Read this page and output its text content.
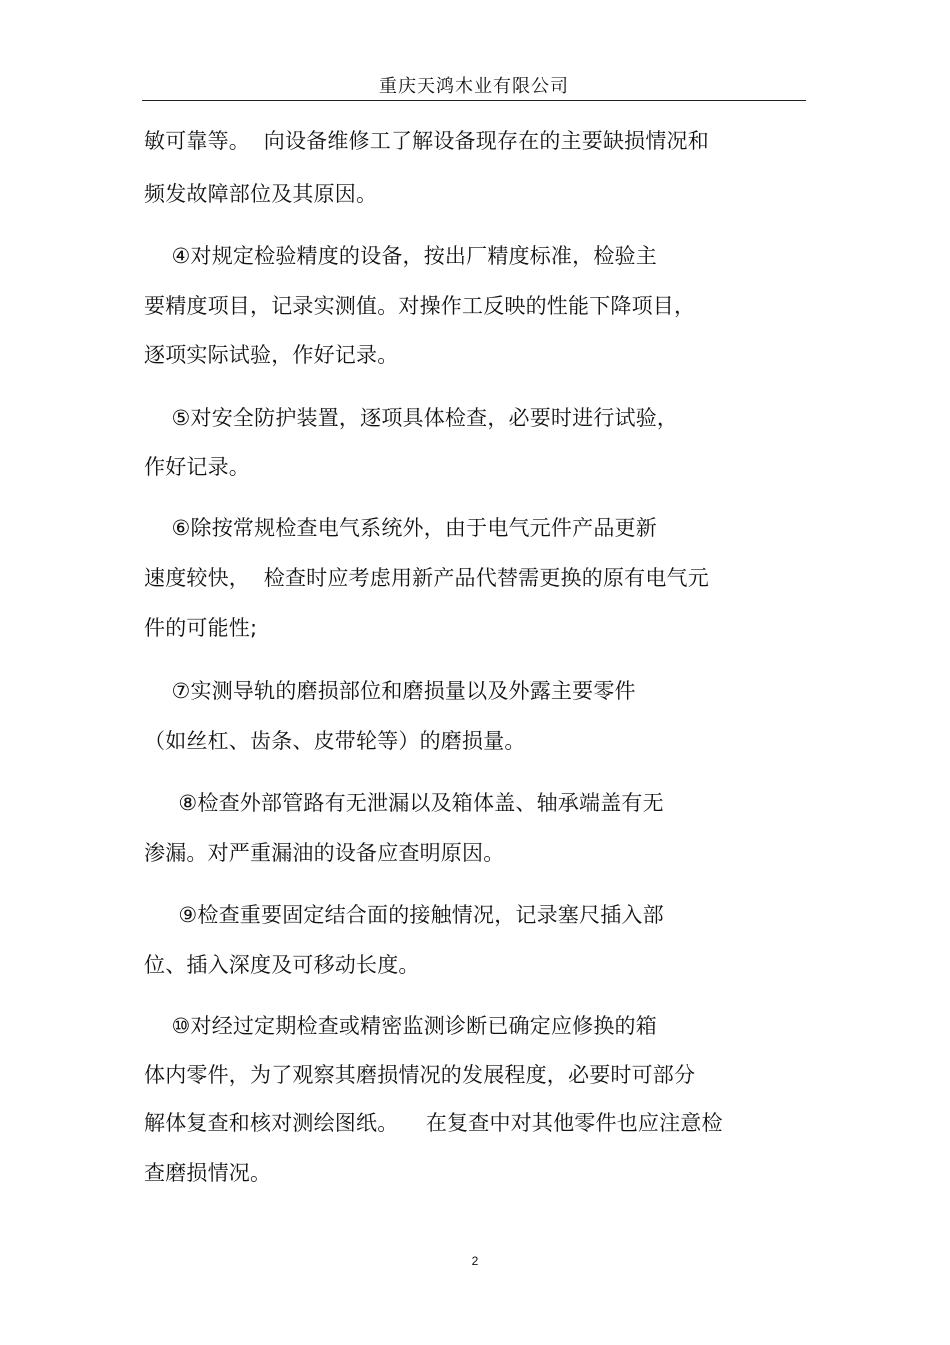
重庆天鸿木业有限公司
敏可靠等。  向设备维修工了解设备现存在的主要缺损情况和
频发故障部位及其原因。
④对规定检验精度的设备，按出厂精度标准，检验主
要精度项目，记录实测值。对操作工反映的性能下降项目，
逐项实际试验，作好记录。
⑤对安全防护装置，逐项具体检查，必要时进行试验，
作好记录。
⑥除按常规检查电气系统外，由于电气元件产品更新
速度较快，  检查时应考虑用新产品代替需更换的原有电气元
件的可能性;
⑦实测导轨的磨损部位和磨损量以及外露主要零件
（如丝杠、齿条、皮带轮等）的磨损量。
⑧检查外部管路有无泄漏以及箱体盖、轴承端盖有无
渗漏。对严重漏油的设备应查明原因。
⑨检查重要固定结合面的接触情况，记录塞尺插入部
位、插入深度及可移动长度。
⑩对经过定期检查或精密监测诊断已确定应修换的箱
体内零件，为了观察其磨损情况的发展程度，必要时可部分
解体复查和核对测绘图纸。    在复查中对其他零件也应注意检
查磨损情况。
2
